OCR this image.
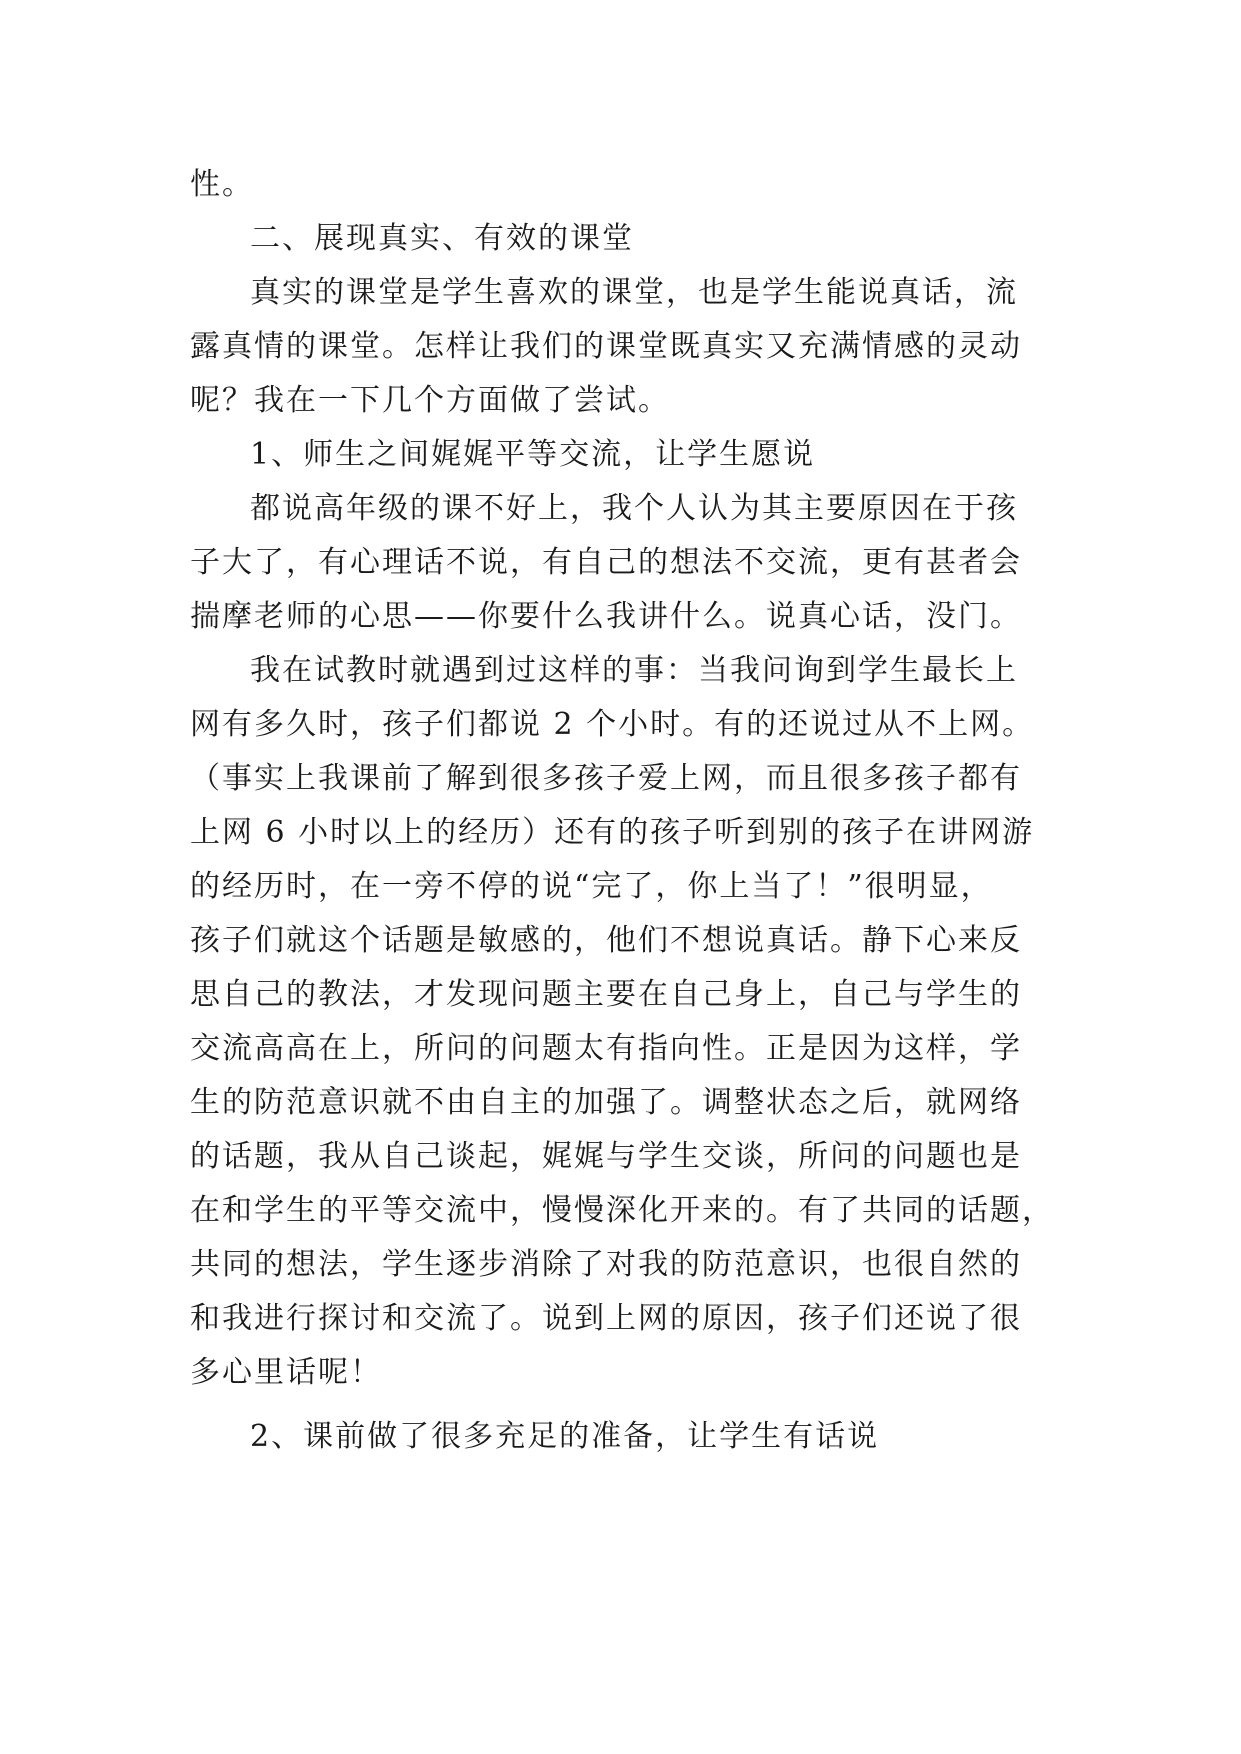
性。
二、展现真实、有效的课堂
真实的课堂是学生喜欢的课堂，也是学生能说真话，流
露真情的课堂。怎样让我们的课堂既真实又充满情感的灵动
呢？我在一下几个方面做了尝试。
1、师生之间娓娓平等交流，让学生愿说
都说高年级的课不好上，我个人认为其主要原因在于孩
子大了，有心理话不说，有自己的想法不交流，更有甚者会
揣摩老师的心思——你要什么我讲什么。说真心话，没门。
我在试教时就遇到过这样的事：当我问询到学生最长上
网有多久时，孩子们都说 2 个小时。有的还说过从不上网。
（事实上我课前了解到很多孩子爱上网，而且很多孩子都有
上网 6 小时以上的经历）还有的孩子听到别的孩子在讲网游
的经历时，在一旁不停的说“完了，你上当了！”很明显，
孩子们就这个话题是敏感的，他们不想说真话。静下心来反
思自己的教法，才发现问题主要在自己身上，自己与学生的
交流高高在上，所问的问题太有指向性。正是因为这样，学
生的防范意识就不由自主的加强了。调整状态之后，就网络
的话题，我从自己谈起，娓娓与学生交谈，所问的问题也是
在和学生的平等交流中，慢慢深化开来的。有了共同的话题，
共同的想法，学生逐步消除了对我的防范意识，也很自然的
和我进行探讨和交流了。说到上网的原因，孩子们还说了很
多心里话呢！
2、课前做了很多充足的准备，让学生有话说
